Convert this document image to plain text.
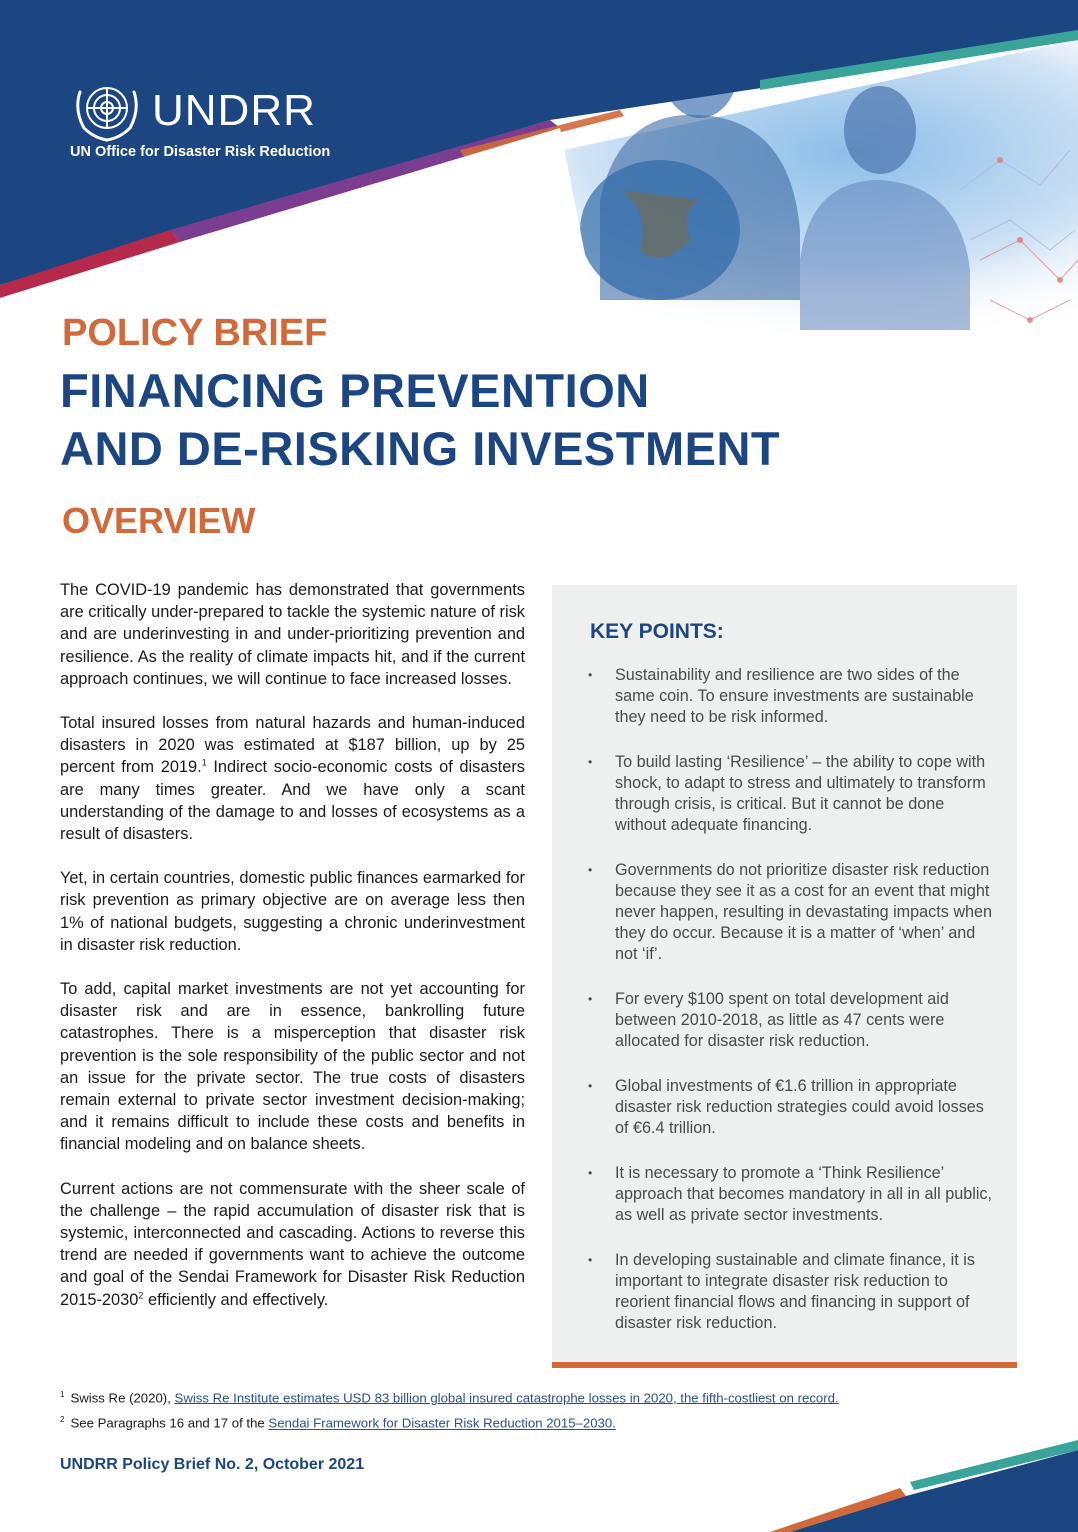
UNDRR
UN Office for Disaster Risk Reduction
POLICY BRIEF
FINANCING PREVENTION
AND DE-RISKING INVESTMENT
OVERVIEW

The COVID-19 pandemic has demonstrated that governments are critically under-prepared to tackle the systemic nature of risk and are underinvesting in and under-prioritizing prevention and resilience. As the reality of climate impacts hit, and if the current approach continues, we will continue to face increased losses.

Total insured losses from natural hazards and human-induced disasters in 2020 was estimated at $187 billion, up by 25 percent from 2019.$^1$ Indirect socio-economic costs of disasters are many times greater. And we have only a scant understanding of the damage to and losses of ecosystems as a result of disasters.

Yet, in certain countries, domestic public finances earmarked for risk prevention as primary objective are on average less then 1% of national budgets, suggesting a chronic underinvestment in disaster risk reduction.

To add, capital market investments are not yet accounting for disaster risk and are in essence, bankrolling future catastrophes. There is a misperception that disaster risk prevention is the sole responsibility of the public sector and not an issue for the private sector. The true costs of disasters remain external to private sector investment decision-making; and it remains difficult to include these costs and benefits in financial modeling and on balance sheets.

Current actions are not commensurate with the sheer scale of the challenge – the rapid accumulation of disaster risk that is systemic, interconnected and cascading. Actions to reverse this trend are needed if governments want to achieve the outcome and goal of the Sendai Framework for Disaster Risk Reduction 2015-2030$^2$ efficiently and effectively.

KEY POINTS:
• Sustainability and resilience are two sides of the same coin. To ensure investments are sustainable they need to be risk informed.
• To build lasting ‘Resilience’ – the ability to cope with shock, to adapt to stress and ultimately to transform through crisis, is critical. But it cannot be done without adequate financing.
• Governments do not prioritize disaster risk reduction because they see it as a cost for an event that might never happen, resulting in devastating impacts when they do occur. Because it is a matter of ‘when’ and not ‘if’.
• For every $100 spent on total development aid between 2010-2018, as little as 47 cents were allocated for disaster risk reduction.
• Global investments of €1.6 trillion in appropriate disaster risk reduction strategies could avoid losses of €6.4 trillion.
• It is necessary to promote a ‘Think Resilience’ approach that becomes mandatory in all in all public, as well as private sector investments.
• In developing sustainable and climate finance, it is important to integrate disaster risk reduction to reorient financial flows and financing in support of disaster risk reduction.
$^1$ Swiss Re (2020), Swiss Re Institute estimates USD 83 billion global insured catastrophe losses in 2020, the fifth-costliest on record.
$^2$ See Paragraphs 16 and 17 of the Sendai Framework for Disaster Risk Reduction 2015–2030.
UNDRR Policy Brief No. 2, October 2021
